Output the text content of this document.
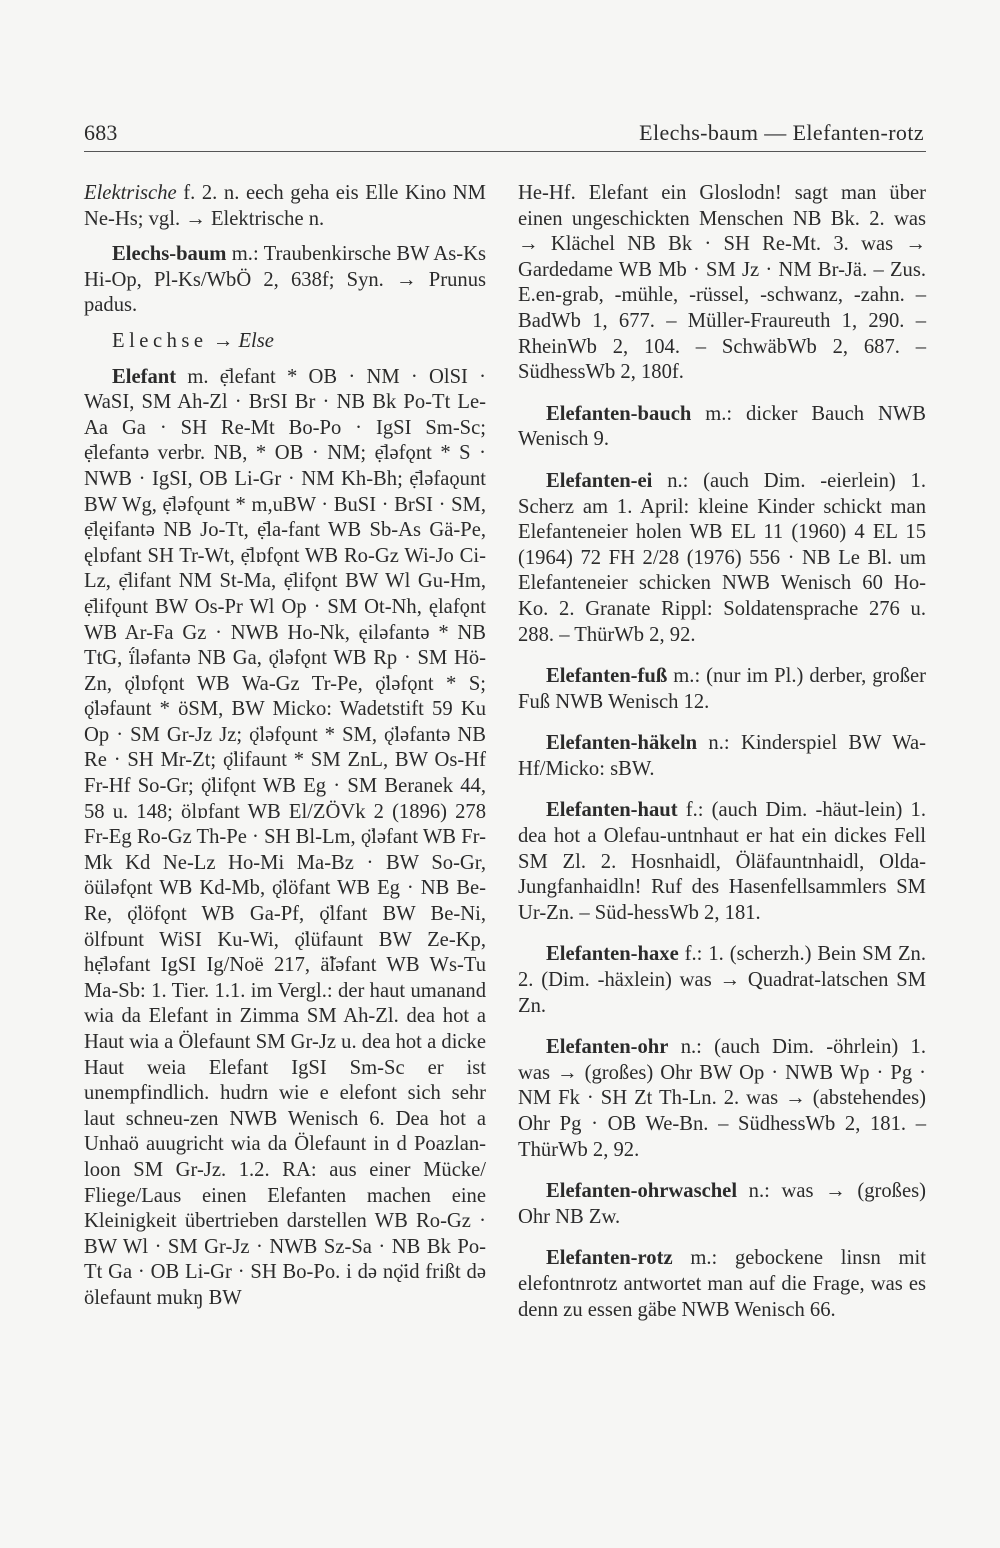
683	Elechs-baum — Elefanten-rotz

Elektrische f. 2. n. eech geha eis Elle Kino NM Ne-Hs; vgl. → Elektrische n.

Elechs-baum m.: Traubenkirsche BW As-Ks Hi-Op, Pl-Ks/WbÖ 2, 638f; Syn. → Prunus padus.

Elechse → Else

Elefant m. ẹ̄lefant * OB · NM · OlSI · WaSI, SM Ah-Zl · BrSI Br · NB Bk Po-Tt Le-Aa Ga · SH Re-Mt Bo-Po · IgSI Sm-Sc; ẹ̄lefantə verbr. NB, * OB · NM; ẹ̄ləfǫnt * S · NWB · IgSI, OB Li-Gr · NM Kh-Bh; ẹ̄ləfaǫunt BW Wg, ẹ̄ləfǫunt * m,uBW · BuSI · BrSI · SM, ẹ̄lęifantə NB Jo-Tt, ẹ̄la-fant WB Sb-As Gä-Pe, ęlɒfant SH Tr-Wt, ẹ̄lɒfǫnt WB Ro-Gz Wi-Jo Ci-Lz, ẹ̄lifant NM St-Ma, ẹ̄lifǫnt BW Wl Gu-Hm, ẹ̄lifǫunt BW Os-Pr Wl Op · SM Ot-Nh, ęlafǫnt WB Ar-Fa Gz · NWB Ho-Nk, ęiləfantə * NB TtG, ḯləfantə NB Ga, ǫ̈ləfǫnt WB Rp · SM Hö-Zn, ǫ̈lɒfǫnt WB Wa-Gz Tr-Pe, ǫ̈ləfǫnt * S; ǫ̈ləfaunt * öSM, BW Micko: Wadetstift 59 Ku Op · SM Gr-Jz Jz; ǫ̈ləfǫunt * SM, ǫ̈ləfantə NB Re · SH Mr-Zt; ǫ̈lifaunt * SM ZnL, BW Os-Hf Fr-Hf So-Gr; ǫ̈lifǫnt WB Eg · SM Beranek 44, 58 u. 148; ölɒfant WB El/ZÖVk 2 (1896) 278 Fr-Eg Ro-Gz Th-Pe · SH Bl-Lm, ǫ̈ləfant WB Fr-Mk Kd Ne-Lz Ho-Mi Ma-Bz · BW So-Gr, öüləfǫnt WB Kd-Mb, ǫ̈löfant WB Eg · NB Be-Re, ǫ̈löfǫnt WB Ga-Pf, ǫ̈lfant BW Be-Ni, ölfɒunt WiSI Ku-Wi, ǫ̈lüfaunt BW Ze-Kp, hẹ̄ləfant IgSI Ig/Noë 217, ä̃ləfant WB Ws-Tu Ma-Sb: 1. Tier. 1.1. im Vergl.: der haut umanand wia da Elefant in Zimma SM Ah-Zl. dea hot a Haut wia a Ölefaunt SM Gr-Jz u. dea hot a dicke Haut weia Elefant IgSI Sm-Sc er ist unempfindlich. hudrn wie e elefont sich sehr laut schneu-zen NWB Wenisch 6. Dea hot a Unhaö auugricht wia da Ölefaunt in d Poazlan-loon SM Gr-Jz. 1.2. RA: aus einer Mücke/ Fliege/Laus einen Elefanten machen eine Kleinigkeit übertrieben darstellen WB Ro-Gz · BW Wl · SM Gr-Jz · NWB Sz-Sa · NB Bk Po-Tt Ga · OB Li-Gr · SH Bo-Po. i də nǫ̈id frißt də ölefaunt mukŋ BW

He-Hf. Elefant ein Gloslodn! sagt man über einen ungeschickten Menschen NB Bk. 2. was → Klächel NB Bk · SH Re-Mt. 3. was → Gardedame WB Mb · SM Jz · NM Br-Jä. – Zus. E.en-grab, -mühle, -rüssel, -schwanz, -zahn. – BadWb 1, 677. – Müller-Fraureuth 1, 290. – RheinWb 2, 104. – SchwäbWb 2, 687. – SüdhessWb 2, 180f.

Elefanten-bauch m.: dicker Bauch NWB Wenisch 9.

Elefanten-ei n.: (auch Dim. -eierlein) 1. Scherz am 1. April: kleine Kinder schickt man Elefanteneier holen WB EL 11 (1960) 4 EL 15 (1964) 72 FH 2/28 (1976) 556 · NB Le Bl. um Elefanteneier schicken NWB Wenisch 60 Ho-Ko. 2. Granate Rippl: Soldatensprache 276 u. 288. – ThürWb 2, 92.

Elefanten-fuß m.: (nur im Pl.) derber, großer Fuß NWB Wenisch 12.

Elefanten-häkeln n.: Kinderspiel BW Wa-Hf/Micko: sBW.

Elefanten-haut f.: (auch Dim. -häut-lein) 1. dea hot a Olefau-untnhaut er hat ein dickes Fell SM Zl. 2. Hosnhaidl, Öläfauntnhaidl, Olda-Jungfanhaidln! Ruf des Hasenfellsammlers SM Ur-Zn. – Süd-hessWb 2, 181.

Elefanten-haxe f.: 1. (scherzh.) Bein SM Zn. 2. (Dim. -häxlein) was → Quadrat-latschen SM Zn.

Elefanten-ohr n.: (auch Dim. -öhrlein) 1. was → (großes) Ohr BW Op · NWB Wp · Pg · NM Fk · SH Zt Th-Ln. 2. was → (abstehendes) Ohr Pg · OB We-Bn. – SüdhessWb 2, 181. – ThürWb 2, 92.

Elefanten-ohrwaschel n.: was → (großes) Ohr NB Zw.

Elefanten-rotz m.: gebockene linsn mit elefontnrotz antwortet man auf die Frage, was es denn zu essen gäbe NWB Wenisch 66.
